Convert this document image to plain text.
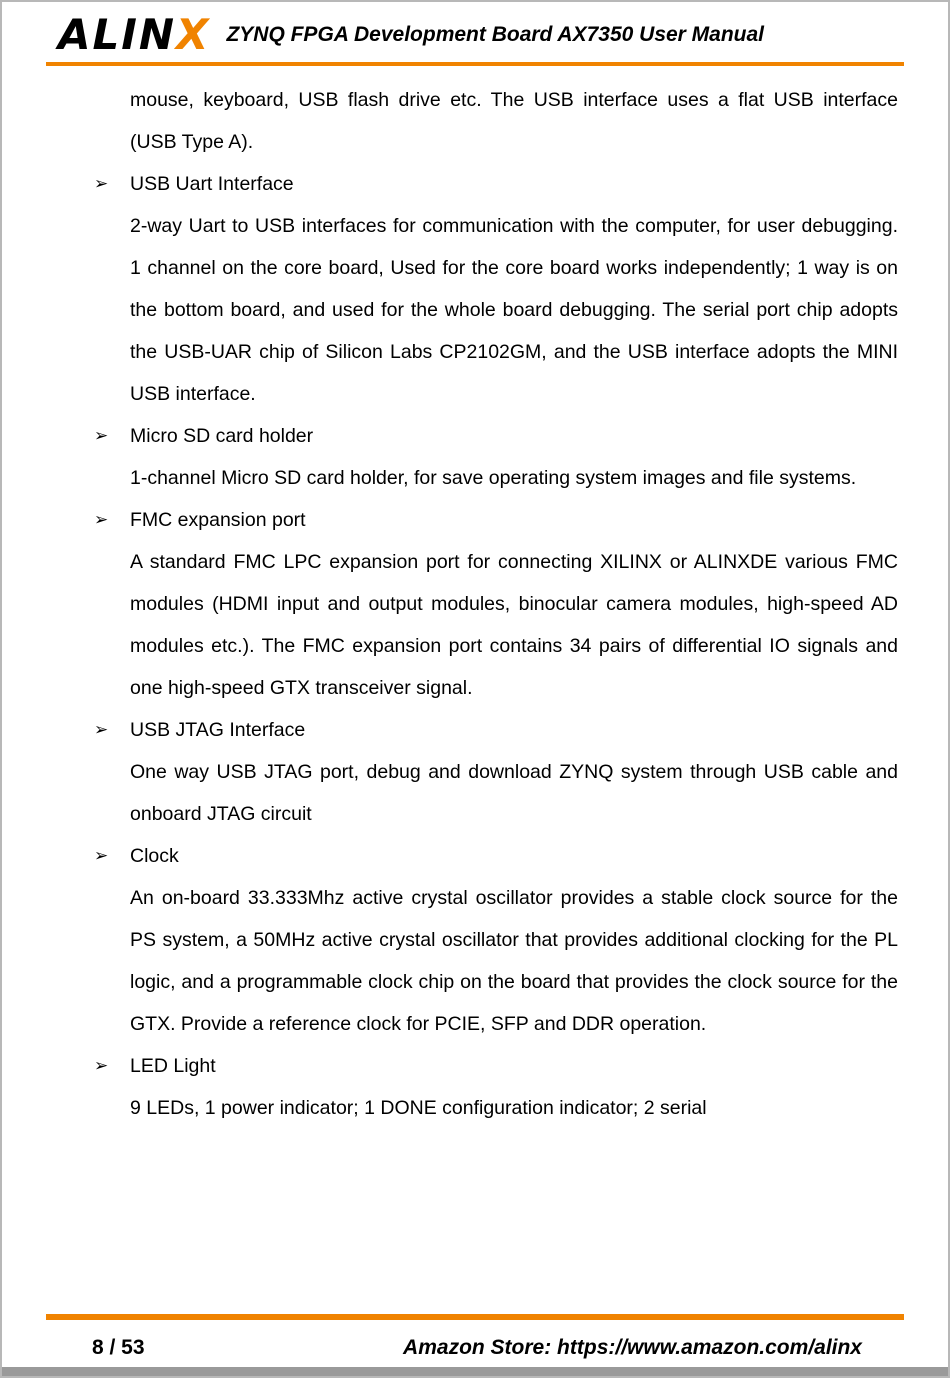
ALINX ZYNQ FPGA Development Board AX7350 User Manual

mouse, keyboard, USB flash drive etc. The USB interface uses a flat USB interface (USB Type A).

➢	USB Uart Interface

2-way Uart to USB interfaces for communication with the computer, for user debugging. 1 channel on the core board, Used for the core board works independently; 1 way is on the bottom board, and used for the whole board debugging. The serial port chip adopts the USB-UAR chip of Silicon Labs CP2102GM, and the USB interface adopts the MINI USB interface.

➢	Micro SD card holder

1-channel Micro SD card holder, for save operating system images and file systems.

➢	FMC expansion port

A standard FMC LPC expansion port for connecting XILINX or ALINXDE various FMC modules (HDMI input and output modules, binocular camera modules, high-speed AD modules etc.). The FMC expansion port contains 34 pairs of differential IO signals and one high-speed GTX transceiver signal.

➢	USB JTAG Interface

One way USB JTAG port, debug and download ZYNQ system through USB cable and onboard JTAG circuit

➢	Clock

An on-board 33.333Mhz active crystal oscillator provides a stable clock source for the PS system, a 50MHz active crystal oscillator that provides additional clocking for the PL logic, and a programmable clock chip on the board that provides the clock source for the GTX. Provide a reference clock for PCIE, SFP and DDR operation.

➢	LED Light

9 LEDs, 1 power indicator; 1 DONE configuration indicator; 2 serial

8 / 53	Amazon Store: https://www.amazon.com/alinx
